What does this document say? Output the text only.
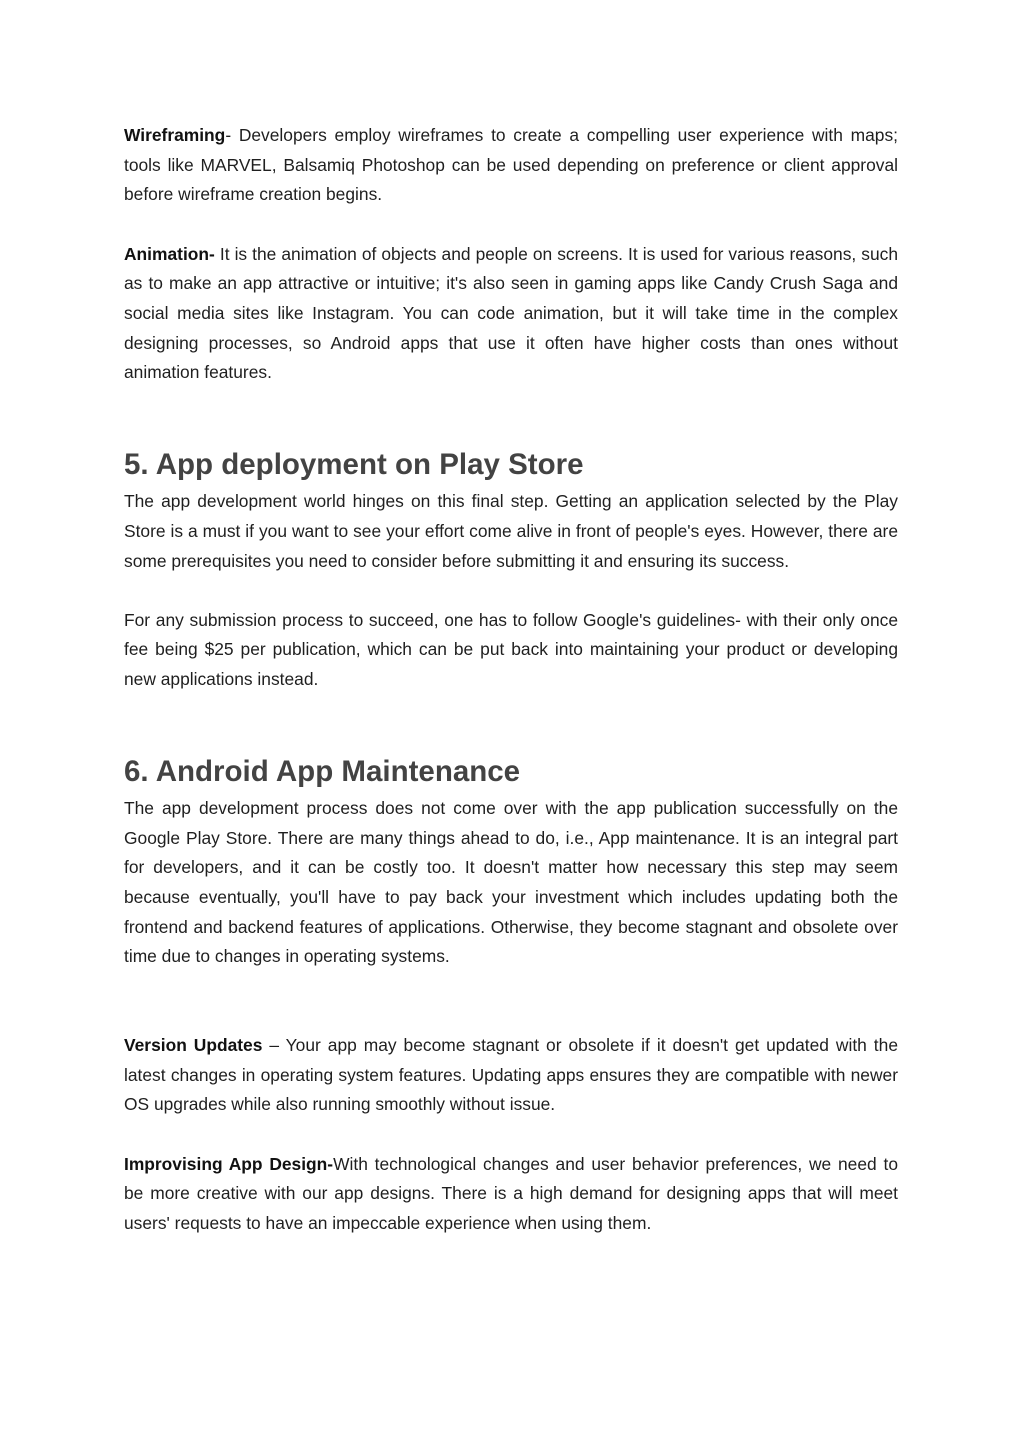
Wireframing- Developers employ wireframes to create a compelling user experience with maps; tools like MARVEL, Balsamiq Photoshop can be used depending on preference or client approval before wireframe creation begins.

Animation- It is the animation of objects and people on screens. It is used for various reasons, such as to make an app attractive or intuitive; it's also seen in gaming apps like Candy Crush Saga and social media sites like Instagram. You can code animation, but it will take time in the complex designing processes, so Android apps that use it often have higher costs than ones without animation features.

5. App deployment on Play Store

The app development world hinges on this final step. Getting an application selected by the Play Store is a must if you want to see your effort come alive in front of people's eyes. However, there are some prerequisites you need to consider before submitting it and ensuring its success.

For any submission process to succeed, one has to follow Google's guidelines- with their only once fee being $25 per publication, which can be put back into maintaining your product or developing new applications instead.

6. Android App Maintenance

The app development process does not come over with the app publication successfully on the Google Play Store. There are many things ahead to do, i.e., App maintenance. It is an integral part for developers, and it can be costly too. It doesn't matter how necessary this step may seem because eventually, you'll have to pay back your investment which includes updating both the frontend and backend features of applications. Otherwise, they become stagnant and obsolete over time due to changes in operating systems.

Version Updates – Your app may become stagnant or obsolete if it doesn't get updated with the latest changes in operating system features. Updating apps ensures they are compatible with newer OS upgrades while also running smoothly without issue.

Improvising App Design-With technological changes and user behavior preferences, we need to be more creative with our app designs. There is a high demand for designing apps that will meet users' requests to have an impeccable experience when using them.
